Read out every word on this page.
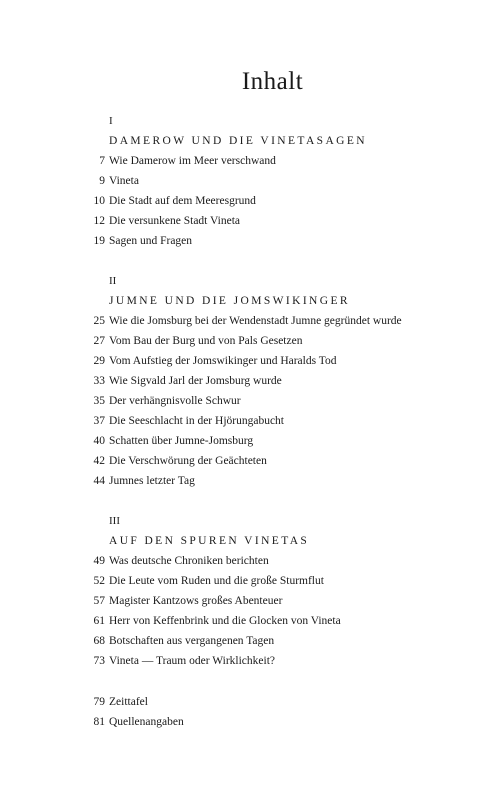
Inhalt
I
DAMEROW UND DIE VINETASAGEN
7 Wie Damerow im Meer verschwand
9 Vineta
10 Die Stadt auf dem Meeresgrund
12 Die versunkene Stadt Vineta
19 Sagen und Fragen
II
JUMNE UND DIE JOMSWIKINGER
25 Wie die Jomsburg bei der Wendenstadt Jumne gegründet wurde
27 Vom Bau der Burg und von Pals Gesetzen
29 Vom Aufstieg der Jomswikinger und Haralds Tod
33 Wie Sigvald Jarl der Jomsburg wurde
35 Der verhängnisvolle Schwur
37 Die Seeschlacht in der Hjörungabucht
40 Schatten über Jumne-Jomsburg
42 Die Verschwörung der Geächteten
44 Jumnes letzter Tag
III
AUF DEN SPUREN VINETAS
49 Was deutsche Chroniken berichten
52 Die Leute vom Ruden und die große Sturmflut
57 Magister Kantzows großes Abenteuer
61 Herr von Keffenbrink und die Glocken von Vineta
68 Botschaften aus vergangenen Tagen
73 Vineta — Traum oder Wirklichkeit?
79 Zeittafel
81 Quellenangaben
